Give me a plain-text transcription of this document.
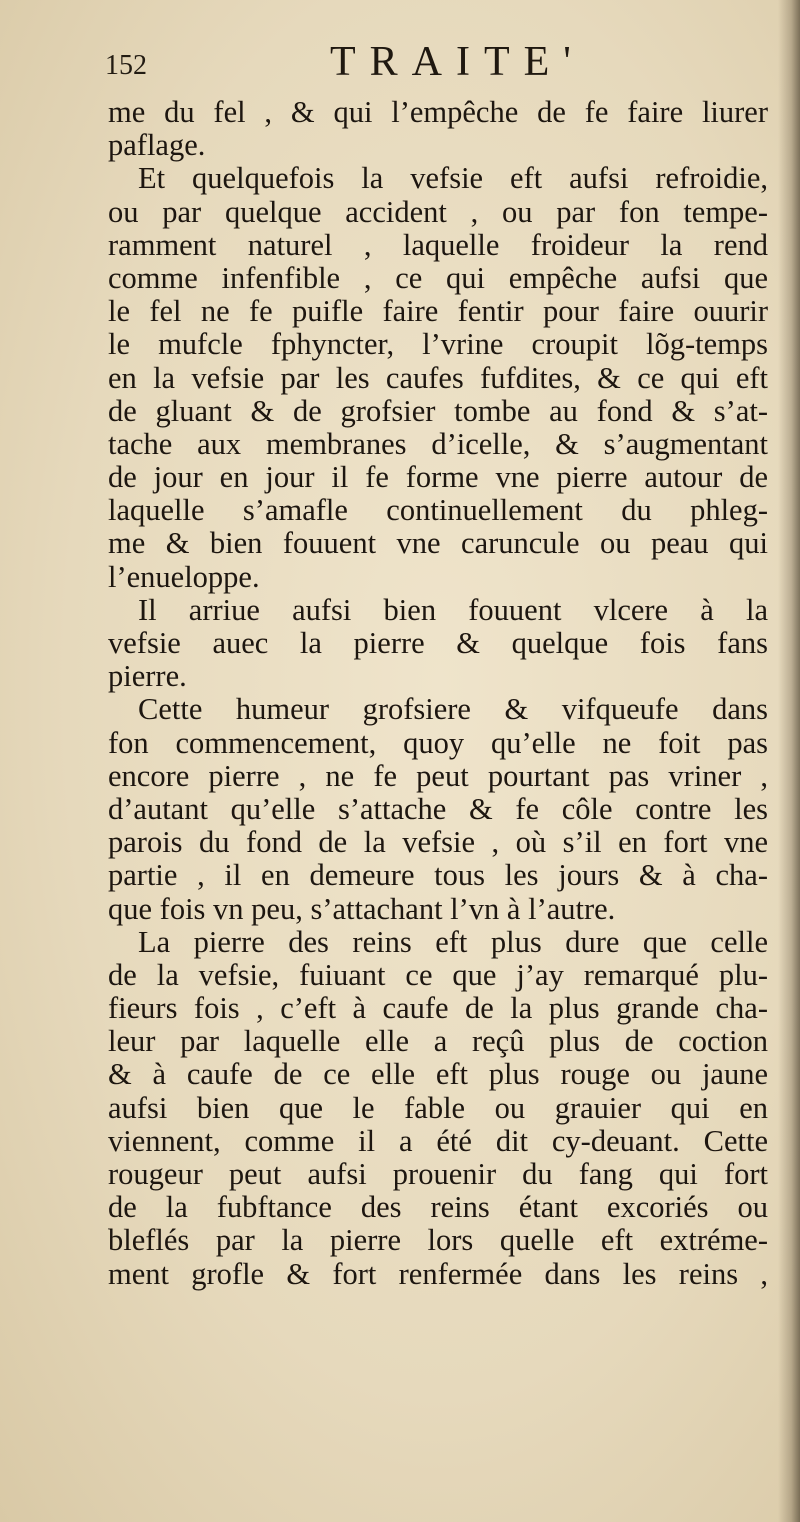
152	TRAITE'
me du fel , & qui l’empêche de fe faire liurer
paflage.
Et quelquefois la vefsie eft aufsi refroidie,
ou par quelque accident , ou par fon tempe-
ramment naturel , laquelle froideur la rend
comme infenfible , ce qui empêche aufsi que
le fel ne fe puifle faire fentir pour faire ouurir
le mufcle fphyncter, l’vrine croupit lõg-temps
en la vefsie par les caufes fufdites, & ce qui eft
de gluant & de grofsier tombe au fond & s’at-
tache aux membranes d’icelle, & s’augmentant
de jour en jour il fe forme vne pierre autour de
laquelle s’amafle continuellement du phleg-
me & bien fouuent vne caruncule ou peau qui
l’enueloppe.
Il arriue aufsi bien fouuent vlcere à la
vefsie auec la pierre & quelque fois fans
pierre.
Cette humeur grofsiere & vifqueufe dans
fon commencement, quoy qu’elle ne foit pas
encore pierre , ne fe peut pourtant pas vriner ,
d’autant qu’elle s’attache & fe côle contre les
parois du fond de la vefsie , où s’il en fort vne
partie , il en demeure tous les jours & à cha-
que fois vn peu, s’attachant l’vn à l’autre.
La pierre des reins eft plus dure que celle
de la vefsie, fuiuant ce que j’ay remarqué plu-
fieurs fois , c’eft à caufe de la plus grande cha-
leur par laquelle elle a reçû plus de coction
& à caufe de ce elle eft plus rouge ou jaune
aufsi bien que le fable ou grauier qui en
viennent, comme il a été dit cy-deuant. Cette
rougeur peut aufsi prouenir du fang qui fort
de la fubftance des reins étant excoriés ou
bleflés par la pierre lors quelle eft extréme-
ment grofle & fort renfermée dans les reins ,
